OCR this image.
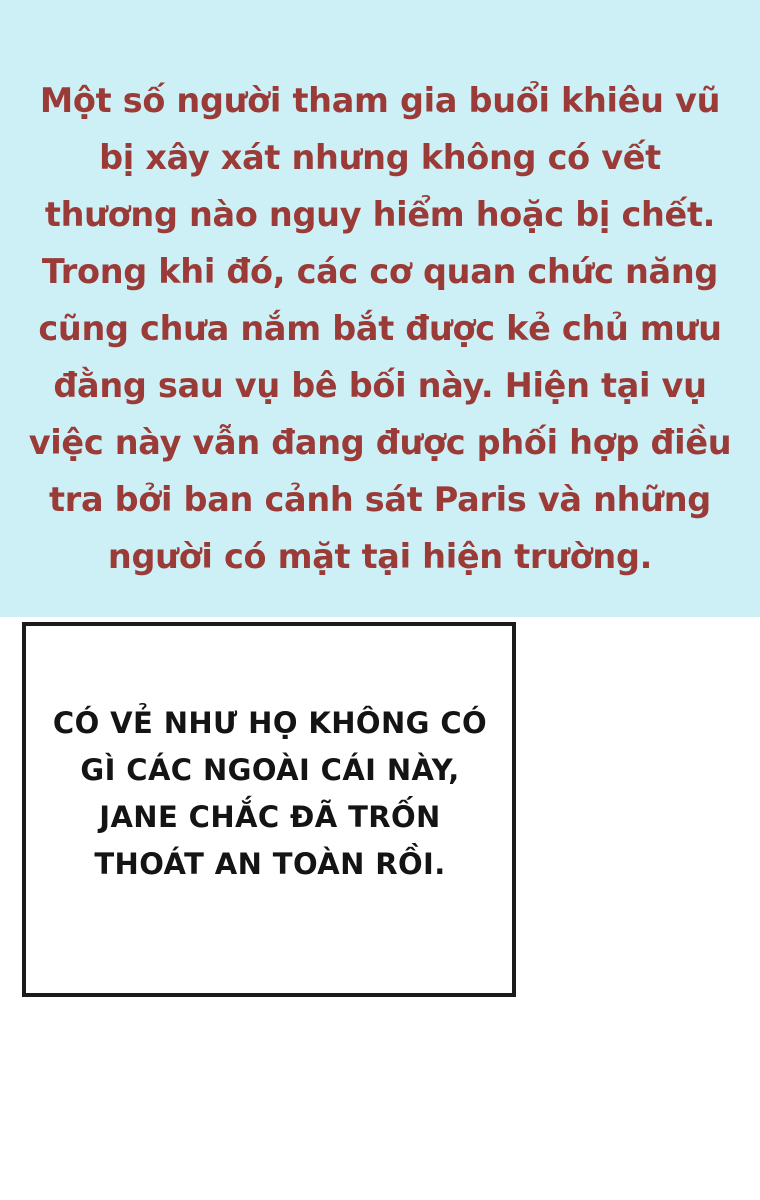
Một số người tham gia buổi khiêu vũ bị xây xát nhưng không có vết thương nào nguy hiểm hoặc bị chết. Trong khi đó, các cơ quan chức năng cũng chưa nắm bắt được kẻ chủ mưu đằng sau vụ bê bối này. Hiện tại vụ việc này vẫn đang được phối hợp điều tra bởi ban cảnh sát Paris và những người có mặt tại hiện trường.
CÓ VẺ NHƯ HỌ KHÔNG CÓ GÌ CÁC NGOÀI CÁI NÀY, JANE CHẮC ĐÃ TRỐN THOÁT AN TOÀN RỒI.
